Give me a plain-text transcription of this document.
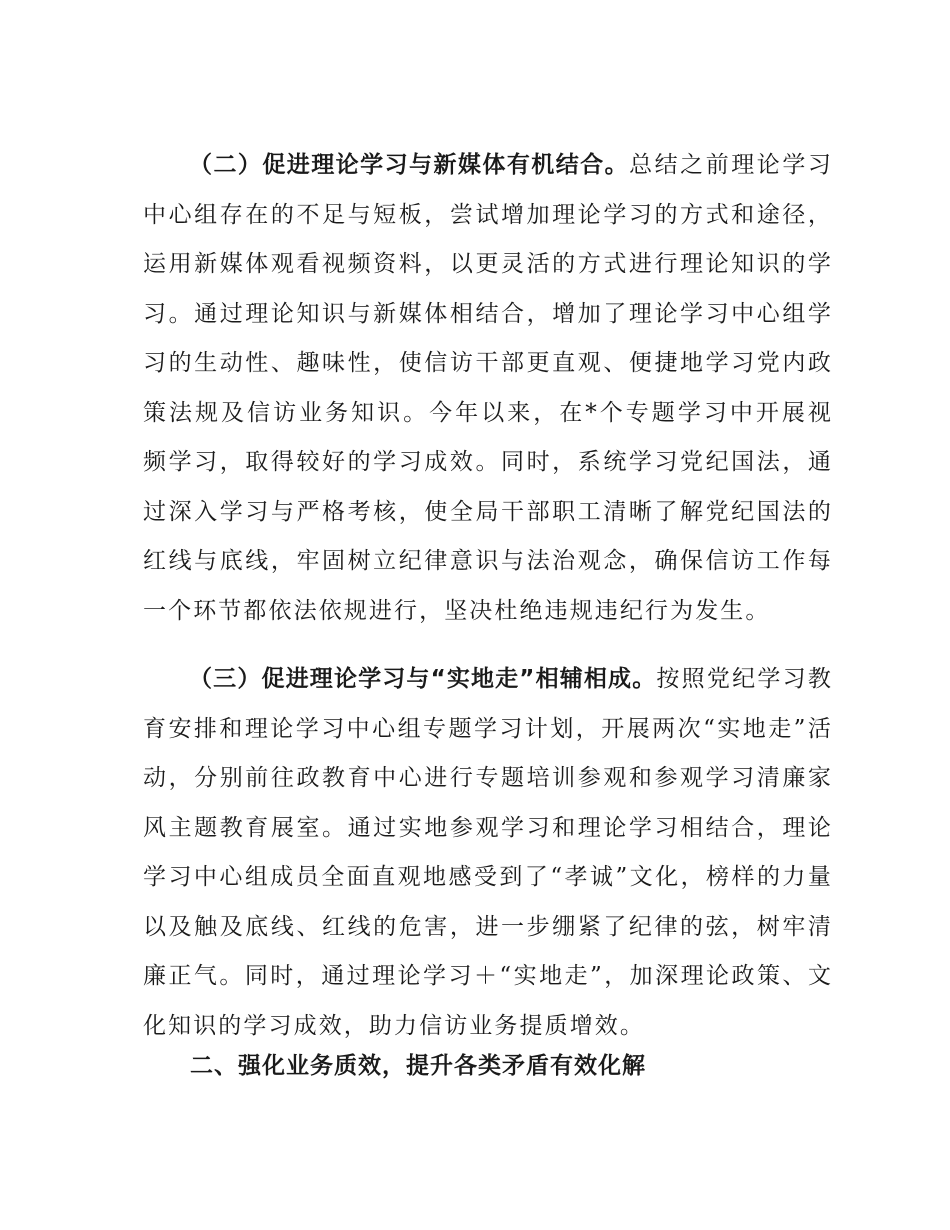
（二）促进理论学习与新媒体有机结合。总结之前理论学习中心组存在的不足与短板，尝试增加理论学习的方式和途径，运用新媒体观看视频资料，以更灵活的方式进行理论知识的学习。通过理论知识与新媒体相结合，增加了理论学习中心组学习的生动性、趣味性，使信访干部更直观、便捷地学习党内政策法规及信访业务知识。今年以来，在*个专题学习中开展视频学习，取得较好的学习成效。同时，系统学习党纪国法，通过深入学习与严格考核，使全局干部职工清晰了解党纪国法的红线与底线，牢固树立纪律意识与法治观念，确保信访工作每一个环节都依法依规进行，坚决杜绝违规违纪行为发生。

（三）促进理论学习与“实地走”相辅相成。按照党纪学习教育安排和理论学习中心组专题学习计划，开展两次“实地走”活动，分别前往政教育中心进行专题培训参观和参观学习清廉家风主题教育展室。通过实地参观学习和理论学习相结合，理论学习中心组成员全面直观地感受到了“孝诚”文化，榜样的力量以及触及底线、红线的危害，进一步绷紧了纪律的弦，树牢清廉正气。同时，通过理论学习＋“实地走”，加深理论政策、文化知识的学习成效，助力信访业务提质增效。

二、强化业务质效，提升各类矛盾有效化解
